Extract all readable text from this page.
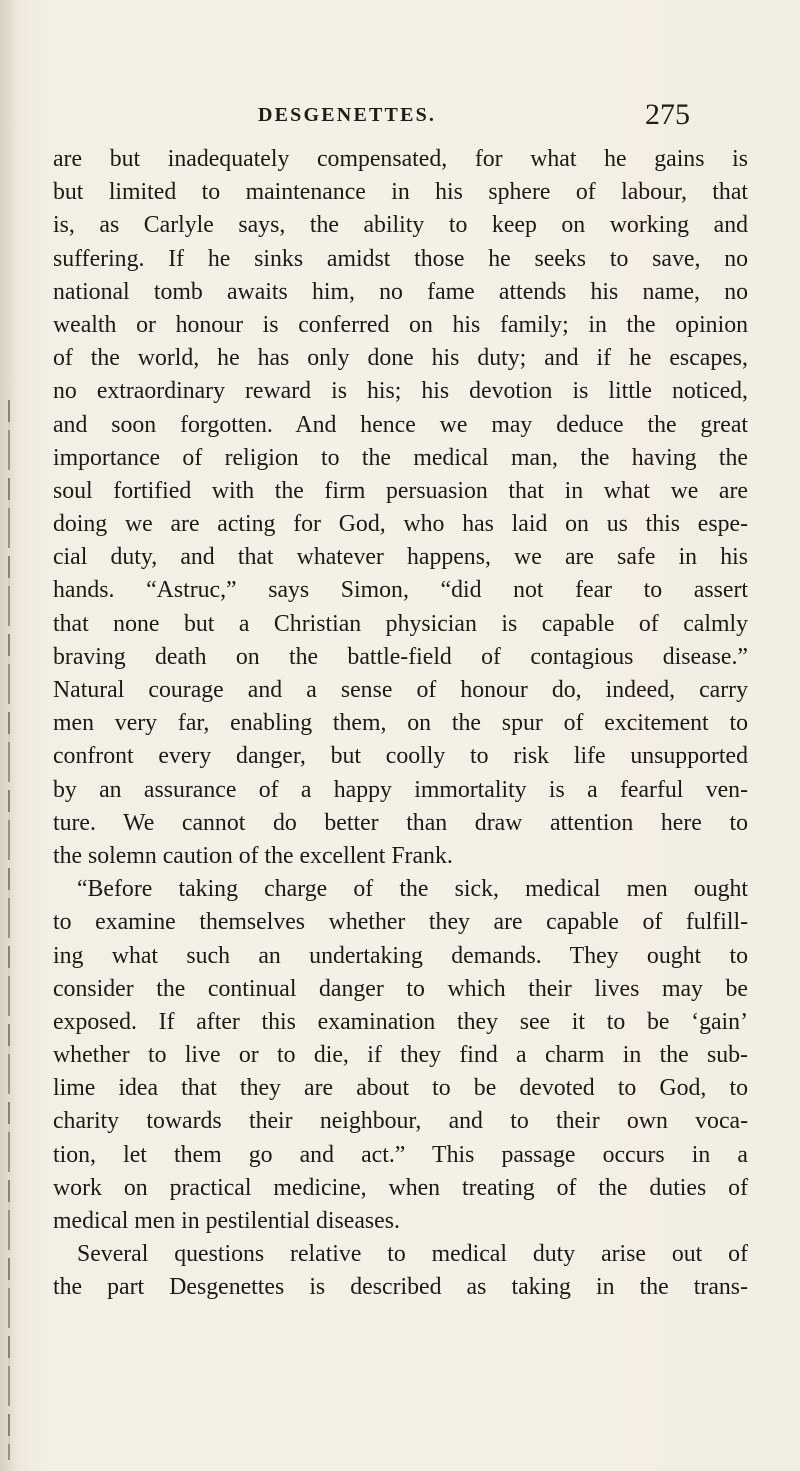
DESGENETTES.	275
are but inadequately compensated, for what he gains is
but limited to maintenance in his sphere of labour, that
is, as Carlyle says, the ability to keep on working and
suffering. If he sinks amidst those he seeks to save, no
national tomb awaits him, no fame attends his name, no
wealth or honour is conferred on his family; in the opinion
of the world, he has only done his duty; and if he escapes,
no extraordinary reward is his; his devotion is little noticed,
and soon forgotten. And hence we may deduce the great
importance of religion to the medical man, the having the
soul fortified with the firm persuasion that in what we are
doing we are acting for God, who has laid on us this espe-
cial duty, and that whatever happens, we are safe in his
hands. “Astruc,” says Simon, “did not fear to assert
that none but a Christian physician is capable of calmly
braving death on the battle-field of contagious disease.”
Natural courage and a sense of honour do, indeed, carry
men very far, enabling them, on the spur of excitement to
confront every danger, but coolly to risk life unsupported
by an assurance of a happy immortality is a fearful ven-
ture. We cannot do better than draw attention here to
the solemn caution of the excellent Frank.
“Before taking charge of the sick, medical men ought
to examine themselves whether they are capable of fulfill-
ing what such an undertaking demands. They ought to
consider the continual danger to which their lives may be
exposed. If after this examination they see it to be ‘gain’
whether to live or to die, if they find a charm in the sub-
lime idea that they are about to be devoted to God, to
charity towards their neighbour, and to their own voca-
tion, let them go and act.” This passage occurs in a
work on practical medicine, when treating of the duties of
medical men in pestilential diseases.
Several questions relative to medical duty arise out of
the part Desgenettes is described as taking in the trans-
